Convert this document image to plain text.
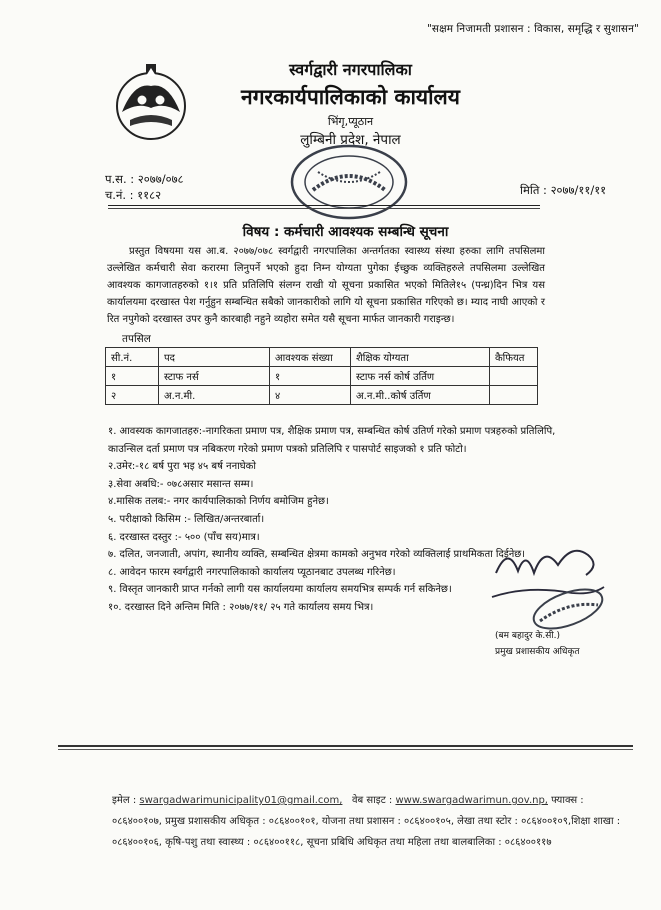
"सक्षम निजामती प्रशासन : विकास, समृद्धि र सुशासन"
स्वर्गद्वारी नगरपालिका
नगरकार्यपालिकाको कार्यालय
भिंगृ,प्यूठान
लुम्बिनी प्रदेश, नेपाल
प.स. : २०७७/०७८
च.नं. : ११८२	मिति : २०७७/११/११
विषय : कर्मचारी आवश्यक सम्बन्धि सूचना
प्रस्तुत विषयमा यस आ.ब. २०७७/०७८ स्वर्गद्वारी नगरपालिका अन्तर्गतका स्वास्थ्य संस्था हरुका लागि तपसिलमा उल्लेखित कर्मचारी सेवा करारमा लिनुपर्ने भएको हुदा निम्न योग्यता पुगेका ईच्छुक व्यक्तिहरुले तपसिलमा उल्लेखित आवश्यक कागजातहरुको १।१ प्रति प्रतिलिपि संलग्न राखी यो सूचना प्रकासित भएको मितिले१५ (पन्ध्र)दिन भित्र यस कार्यालयमा दरखास्त पेश गर्नुहुन सम्बन्धित सबैको जानकारीको लागि यो सूचना प्रकासित गरिएको छ। म्याद नाघी आएको र रित नपुगेको दरखास्त उपर कुनै कारबाही नहुने व्यहोरा समेत यसै सूचना मार्फत जानकारी गराइन्छ।
तपसिल
सी.नं.	पद	आवश्यक संख्या	शैक्षिक योग्यता	कैफियत
१	स्टाफ नर्स	१	स्टाफ नर्स कोर्ष उर्तिण	
२	अ.न.मी.	४	अ.न.मी..कोर्ष उर्तिण	
१. आवस्यक कागजातहरु:-नागरिकता प्रमाण पत्र, शैक्षिक प्रमाण पत्र, सम्बन्धित कोर्ष उतिर्ण गरेको प्रमाण पत्रहरुको प्रतिलिपि,
काउन्सिल दर्ता प्रमाण पत्र नबिकरण गरेको प्रमाण पत्रको प्रतिलिपि र पासपोर्ट साइजको १ प्रति फोटो।
२.उमेर:-१८ बर्ष पुरा भइ ४५ बर्ष ननाघेको
३.सेवा अबधि:- ०७८असार मसान्त सम्म।
४.मासिक तलब:- नगर कार्यपालिकाको निर्णय बमोजिम हुनेछ।
५. परीक्षाको किसिम :- लिखित/अन्तरबार्ता।
६. दरखास्त दस्तुर :- ५०० (पाँच सय)मात्र।
७. दलित, जनजाती, अपांग, स्थानीय व्यक्ति, सम्बन्धित क्षेत्रमा कामको अनुभव गरेको व्यक्तिलाई प्राथमिकता दिईनेछ।
८. आवेदन फारम स्वर्गद्वारी नगरपालिकाको कार्यालय प्यूठानबाट उपलब्ध गरिनेछ।
९. विस्तृत जानकारी प्राप्त गर्नको लागी यस कार्यालयमा कार्यालय समयभित्र सम्पर्क गर्न सकिनेछ।
१०. दरखास्त दिने अन्तिम मिति : २०७७/११/ २५ गते कार्यालय समय भित्र।
(बम बहादुर के.सी.)
प्रमुख प्रशासकीय अधिकृत
इमेल : swargadwarimunicipality01@gmail.com, वेब साइट : www.swargadwarimun.gov.np, फ्याक्स : ०८६४००१०७, प्रमुख प्रशासकीय अधिकृत : ०८६४००१०१, योजना तथा प्रशासन : ०८६४००१०५, लेखा तथा स्टोर : ०८६४००१०९,शिक्षा शाखा : ०८६४००१०६, कृषि-पशु तथा स्वास्थ्य : ०८६४००११८, सूचना प्रबिधि अधिकृत तथा महिला तथा बालबालिका : ०८६४००११७
